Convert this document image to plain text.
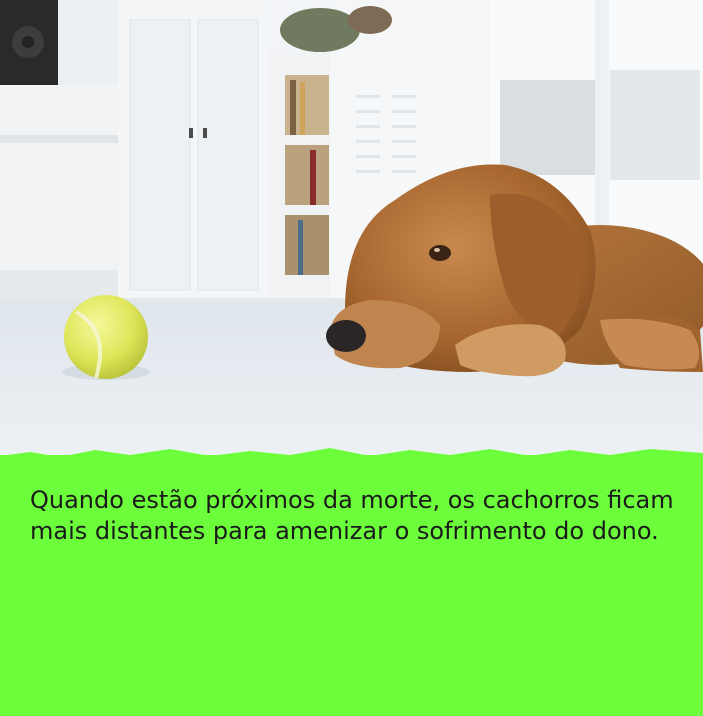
Quando estão próximos da morte, os cachorros ficam mais distantes para amenizar o sofrimento do dono.
